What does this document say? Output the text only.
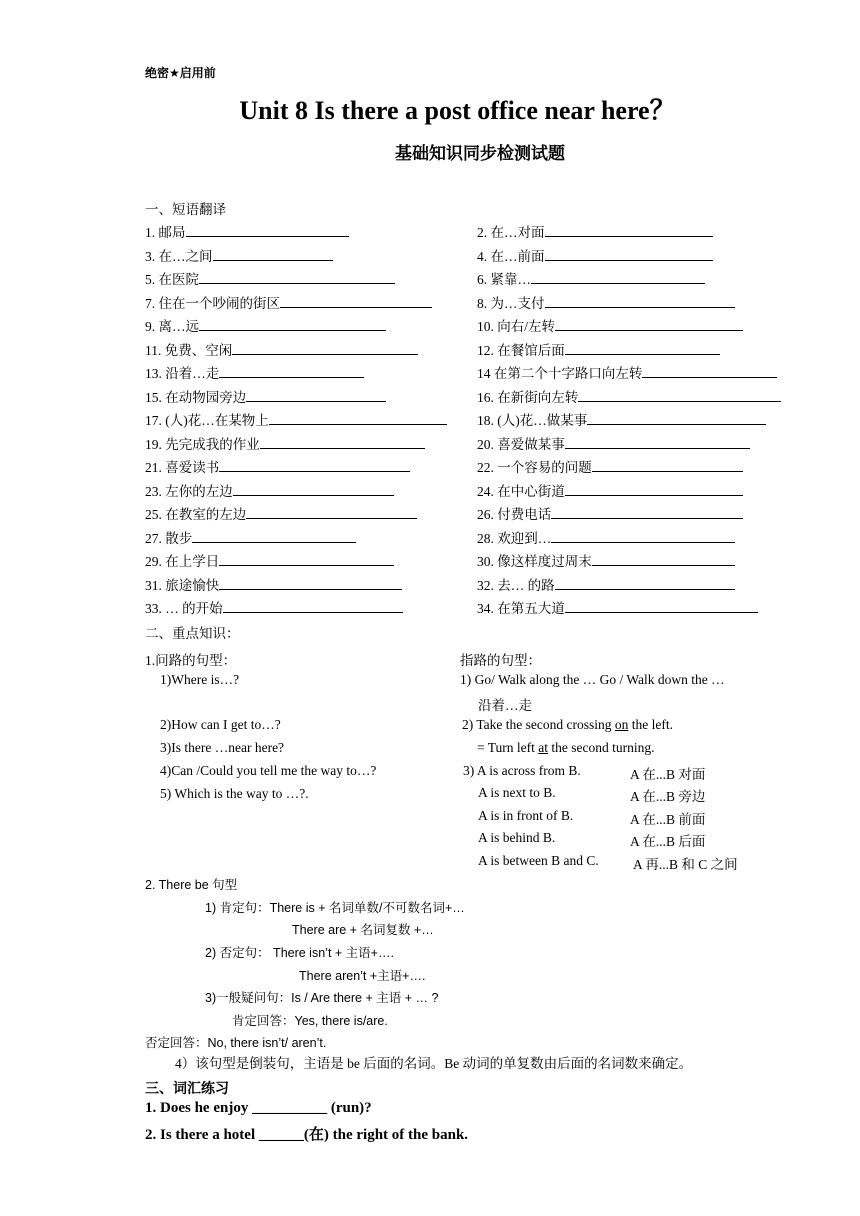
绝密★启用前
Unit 8 Is there a post office near here？
基础知识同步检测试题
一、短语翻译
1. 邮局	2. 在…对面
3. 在…之间	4. 在…前面
5. 在医院	6. 紧靠…
7. 住在一个吵闹的街区	8. 为…支付
9. 离…远	10. 向右/左转
11. 免费、空闲	12. 在餐馆后面
13. 沿着…走	14 在第二个十字路口向左转
15. 在动物园旁边	16. 在新街向左转
17. (人)花…在某物上	18. (人)花…做某事
19. 先完成我的作业	20. 喜爱做某事
21. 喜爱读书	22. 一个容易的问题
23. 左你的左边	24. 在中心街道
25. 在教室的左边	26. 付费电话
27. 散步	28. 欢迎到…
29. 在上学日	30. 像这样度过周末
31. 旅途愉快	32. 去… 的路
33. … 的开始	34. 在第五大道
二、重点知识：
1.问路的句型：
1)Where is…?
2)How can I get to…?
3)Is there …near here?
4)Can /Could you tell me the way to…?
5) Which is the way to …?.
指路的句型：
1) Go/ Walk along the … Go / Walk down the …
沿着…走
2) Take the second crossing on the left.
= Turn left at the second turning.
3) A is across from B.	A 在...B 对面
A is next to B.	A 在...B 旁边
A is in front of B.	A 在...B 前面
A is behind B.	A 在...B 后面
A is between B and C.	A 再...B 和 C 之间
2. There be 句型
1) 肯定句：There is + 名词单数/不可数名词+…
There are + 名词复数 +…
2) 否定句： There isn’t + 主语+….
There aren’t +主语+….
3)一般疑问句：Is / Are there + 主语 + … ?
肯定回答：Yes, there is/are.
否定回答：No, there isn’t/ aren’t.
4）该句型是倒装句，主语是 be 后面的名词。Be 动词的单复数由后面的名词数来确定。
三、词汇练习
1. Does he enjoy __________ (run)?
2. Is there a hotel ______(在) the right of the bank.
